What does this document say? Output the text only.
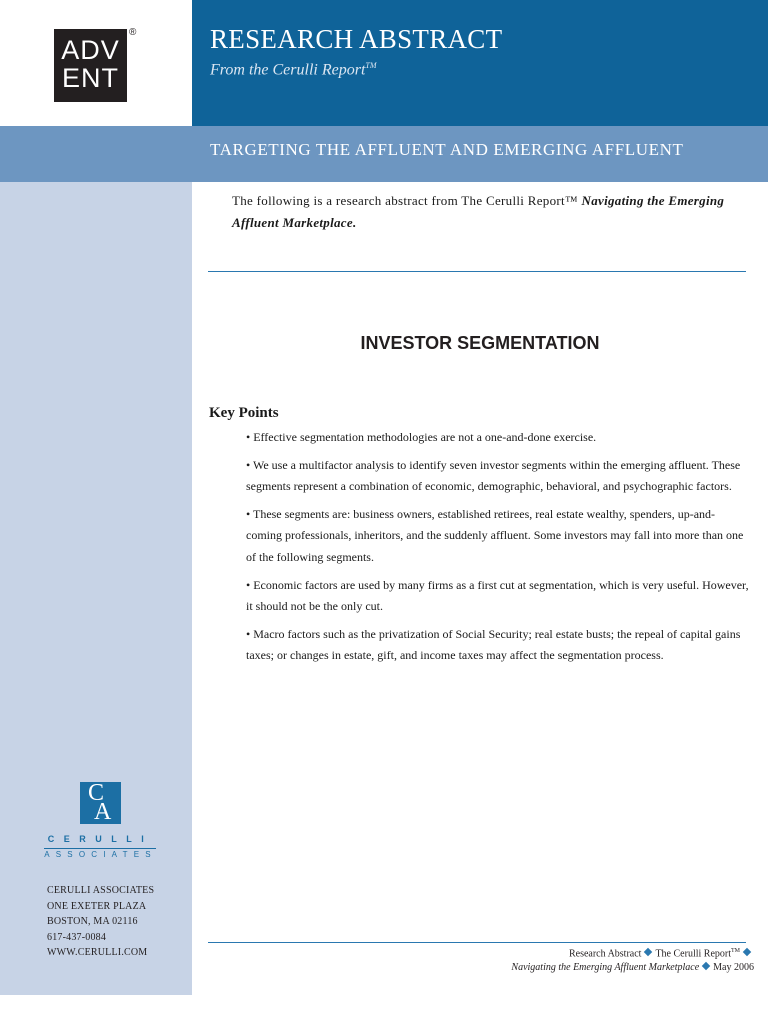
ADV
ENT
®	RESEARCH ABSTRACT
From the Cerulli Report™
TARGETING THE AFFLUENT AND EMERGING AFFLUENT
The following is a research abstract from The Cerulli Report™ Navigating the Emerging Affluent Marketplace.
INVESTOR SEGMENTATION
Key Points
• Effective segmentation methodologies are not a one-and-done exercise.
• We use a multifactor analysis to identify seven investor segments within the emerging affluent. These segments represent a combination of economic, demographic, behavioral, and psychographic factors.
• These segments are: business owners, established retirees, real estate wealthy, spenders, up-and-coming professionals, inheritors, and the suddenly affluent. Some investors may fall into more than one of the following segments.
• Economic factors are used by many firms as a first cut at segmentation, which is very useful. However, it should not be the only cut.
• Macro factors such as the privatization of Social Security; real estate busts; the repeal of capital gains taxes; or changes in estate, gift, and income taxes may affect the segmentation process.
C
A
CERULLI
ASSOCIATES
CERULLI ASSOCIATES
ONE EXETER PLAZA
BOSTON, MA 02116
617-437-0084
WWW.CERULLI.COM	Research Abstract The Cerulli Report™
Navigating the Emerging Affluent Marketplace May 2006
